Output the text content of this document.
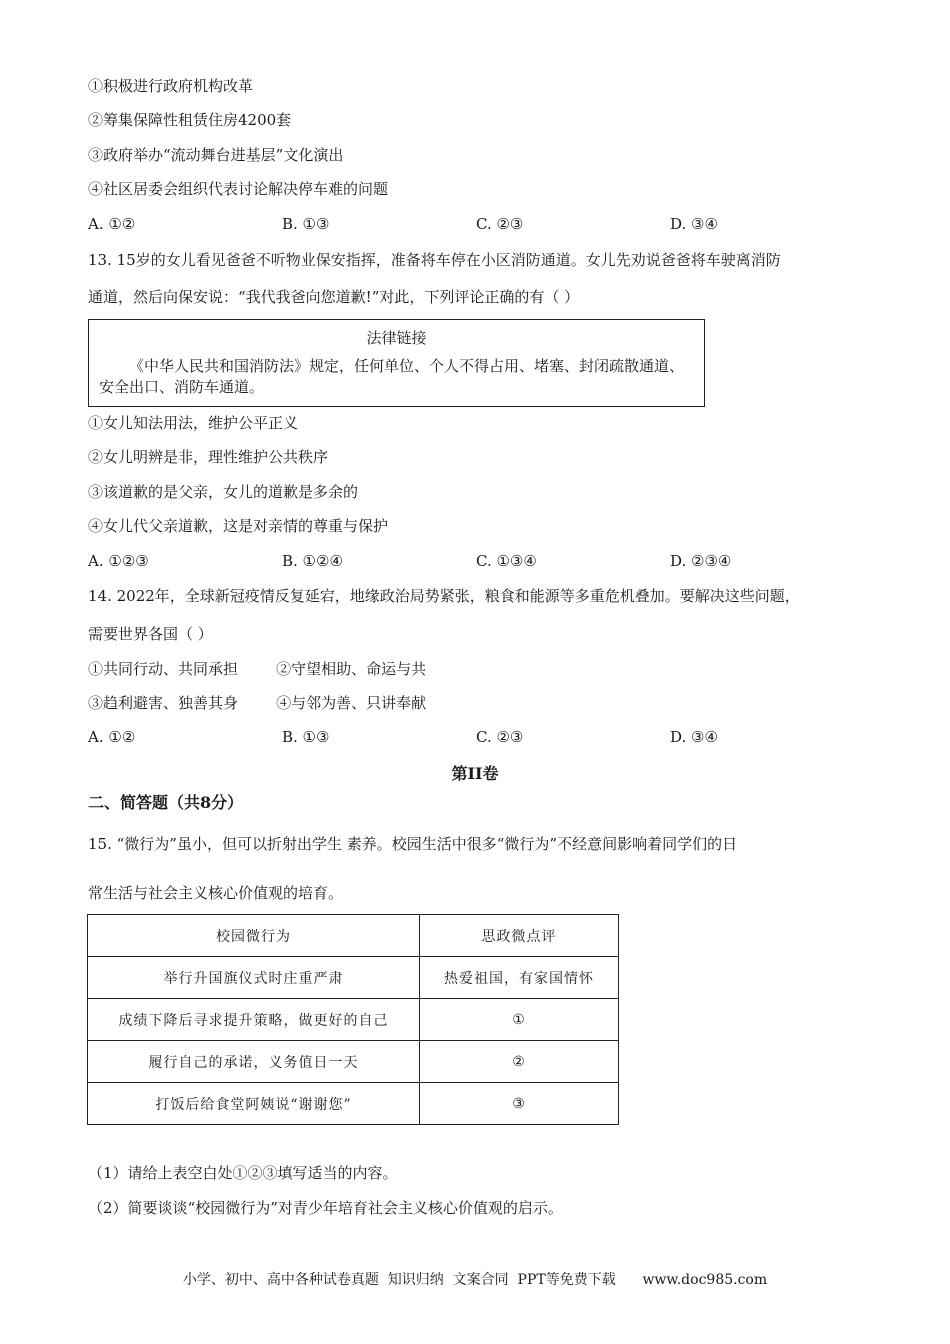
①积极进行政府机构改革
②筹集保障性租赁住房4200套
③政府举办“流动舞台进基层”文化演出
④社区居委会组织代表讨论解决停车难的问题
A. ①②	B. ①③	C. ②③	D. ③④
13. 15岁的女儿看见爸爸不听物业保安指挥，准备将车停在小区消防通道。女儿先劝说爸爸将车驶离消防
通道，然后向保安说：“我代我爸向您道歉!”对此，下列评论正确的有（ ）
法律链接
《中华人民共和国消防法》规定，任何单位、个人不得占用、堵塞、封闭疏散通道、安全出口、消防车通道。
①女儿知法用法，维护公平正义
②女儿明辨是非，理性维护公共秩序
③该道歉的是父亲，女儿的道歉是多余的
④女儿代父亲道歉，这是对亲情的尊重与保护
A. ①②③	B. ①②④	C. ①③④	D. ②③④
14. 2022年，全球新冠疫情反复延宕，地缘政治局势紧张，粮食和能源等多重危机叠加。要解决这些问题，
需要世界各国（ ）
①共同行动、共同承担        ②守望相助、命运与共
③趋利避害、独善其身        ④与邻为善、只讲奉献
A. ①②	B. ①③	C. ②③	D. ③④
第II卷
二、简答题（共8分）
15. “微行为”虽小，但可以折射出学生 素养。校园生活中很多“微行为”不经意间影响着同学们的日
常生活与社会主义核心价值观的培育。
校园微行为	思政微点评
举行升国旗仪式时庄重严肃	热爱祖国，有家国情怀
成绩下降后寻求提升策略，做更好的自己	①
履行自己的承诺，义务值日一天	②
打饭后给食堂阿姨说“谢谢您”	③
（1）请给上表空白处①②③填写适当的内容。
（2）简要谈谈“校园微行为”对青少年培育社会主义核心价值观的启示。
小学、初中、高中各种试卷真题  知识归纳  文案合同  PPT等免费下载      www.doc985.com
